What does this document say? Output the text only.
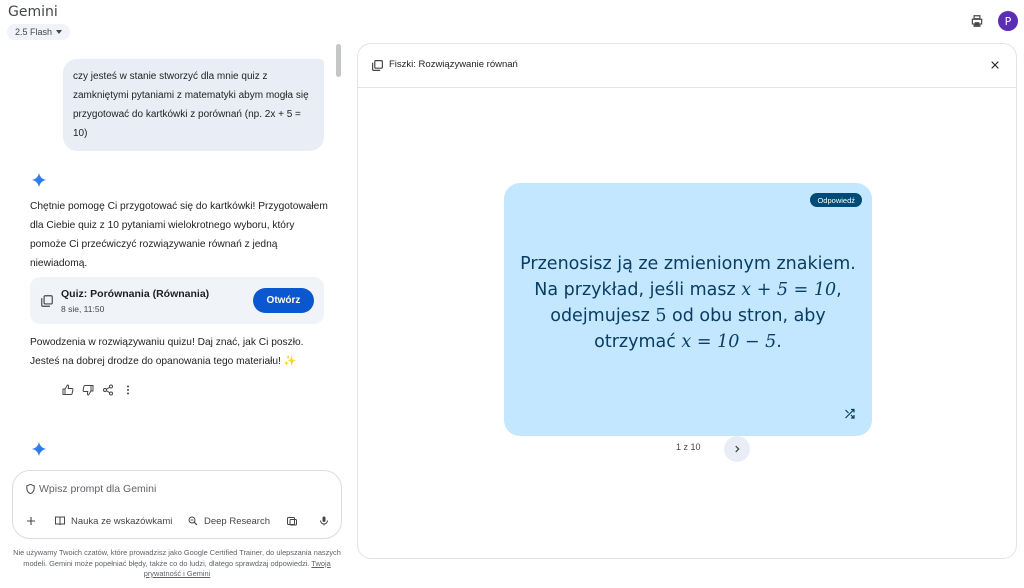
Gemini
2.5 Flash
P
czy jesteś w stanie stworzyć dla mnie quiz z zamkniętymi pytaniami z matematyki abym mogła się przygotować do kartkówki z porównań (np. 2x + 5 = 10)
Chętnie pomogę Ci przygotować się do kartkówki! Przygotowałem dla Ciebie quiz z 10 pytaniami wielokrotnego wyboru, który pomoże Ci przećwiczyć rozwiązywanie równań z jedną niewiadomą.
Quiz: Porównania (Równania)
8 sie, 11:50
Otwórz
Powodzenia w rozwiązywaniu quizu! Daj znać, jak Ci poszło. Jesteś na dobrej drodze do opanowania tego materiału! ✨
Wpisz prompt dla Gemini
Nauka ze wskazówkami	Deep Research
Nie używamy Twoich czatów, które prowadzisz jako Google Certified Trainer, do ulepszania naszych modeli. Gemini może popełniać błędy, także co do ludzi, dlatego sprawdzaj odpowiedzi. Twoja prywatność i Gemini
Fiszki: Rozwiązywanie równań
Odpowiedź
Przenosisz ją ze zmienionym znakiem. Na przykład, jeśli masz x + 5 = 10, odejmujesz 5 od obu stron, aby otrzymać x = 10 − 5.
1 z 10
